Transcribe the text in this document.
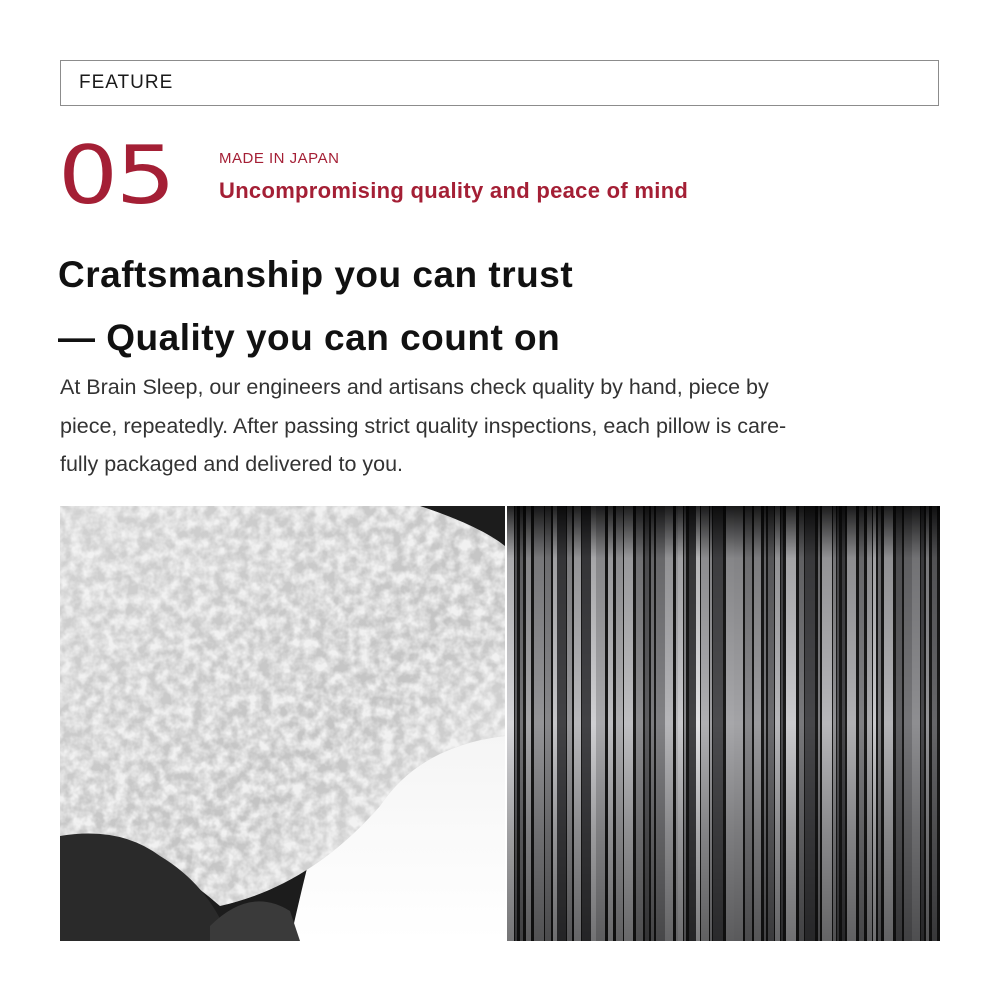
FEATURE
05	MADE IN JAPAN
Uncompromising quality and peace of mind
Craftsmanship you can trust
— Quality you can count on

At Brain Sleep, our engineers and artisans check quality by hand, piece by
piece, repeatedly. After passing strict quality inspections, each pillow is care-
fully packaged and delivered to you.
